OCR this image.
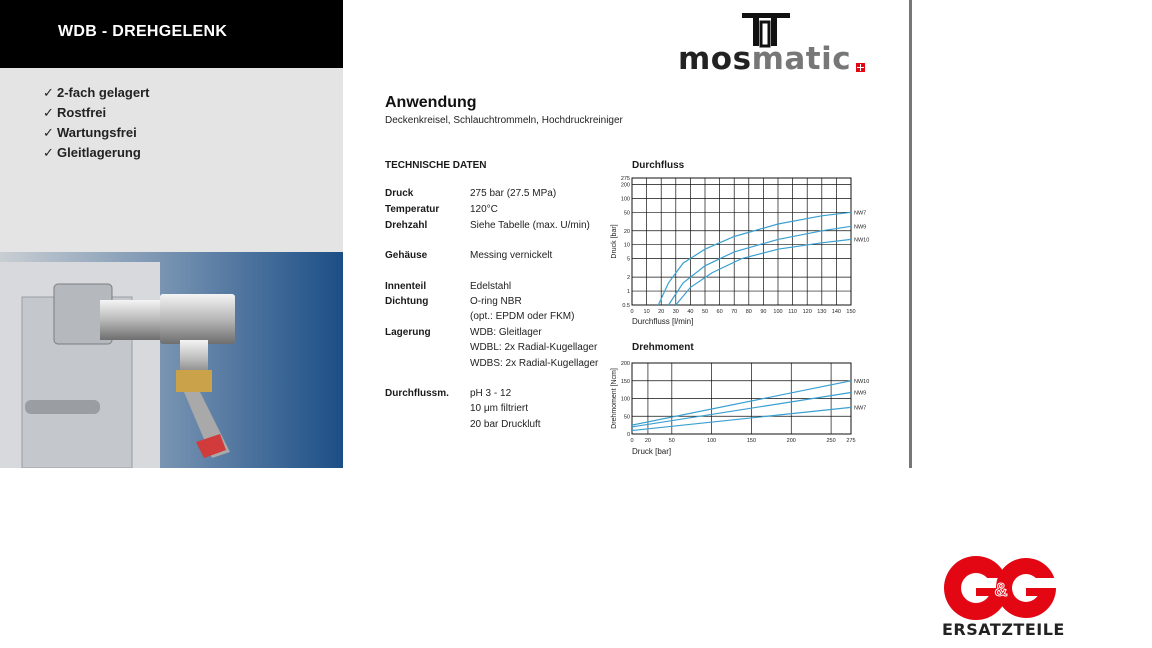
WDB - DREHGELENK
✓ 2-fach gelagert
✓ Rostfrei
✓ Wartungsfrei
✓ Gleitlagerung
mosmatic
Anwendung
Deckenkreisel, Schlauchtrommeln, Hochdruckreiniger
TECHNISCHE DATEN
Druck	275 bar (27.5 MPa)
Temperatur	120°C
Drehzahl	Siehe Tabelle (max. U/min)
Gehäuse	Messing vernickelt
Innenteil	Edelstahl
Dichtung	O-ring NBR
(opt.: EPDM oder FKM)
Lagerung	WDB: Gleitlager
WDBL: 2x Radial-Kugellager
WDBS: 2x Radial-Kugellager
Durchflussm. pH 3 - 12
10 μm filtriert
20 bar Druckluft
Durchfluss
0 10 20 30 40 50 60 70 80 90 100 110 120 130 140 150
0.5
1
2
5
10
20
50
100
200
275
NW7
NW9
NW10
Druck [bar]
Durchfluss [l/min]
Drehmoment
0 20	50	100	150	200	250 275
0
50
100
150
200
NW10
NW9
NW7
Drehmoment [Ncm]
Druck [bar]
&
ERSATZTEILE
